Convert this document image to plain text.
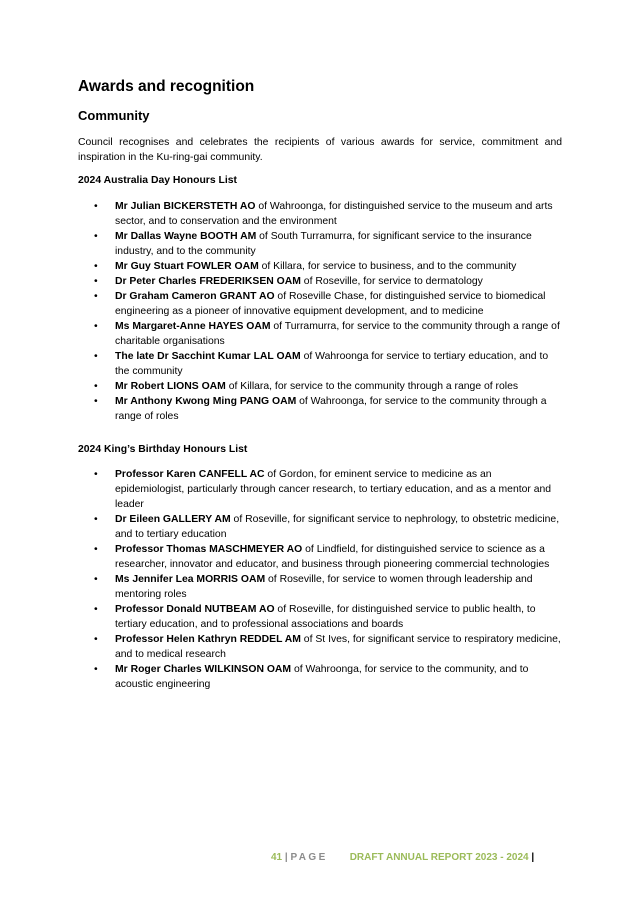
Awards and recognition
Community

Council recognises and celebrates the recipients of various awards for service, commitment and inspiration in the Ku-ring-gai community.

2024 Australia Day Honours List

• Mr Julian BICKERSTETH AO of Wahroonga, for distinguished service to the museum and arts sector, and to conservation and the environment
• Mr Dallas Wayne BOOTH AM of South Turramurra, for significant service to the insurance industry, and to the community
• Mr Guy Stuart FOWLER OAM of Killara, for service to business, and to the community
• Dr Peter Charles FREDERIKSEN OAM of Roseville, for service to dermatology
• Dr Graham Cameron GRANT AO of Roseville Chase, for distinguished service to biomedical engineering as a pioneer of innovative equipment development, and to medicine
• Ms Margaret-Anne HAYES OAM of Turramurra, for service to the community through a range of charitable organisations
• The late Dr Sacchint Kumar LAL OAM of Wahroonga for service to tertiary education, and to the community
• Mr Robert LIONS OAM of Killara, for service to the community through a range of roles
• Mr Anthony Kwong Ming PANG OAM of Wahroonga, for service to the community through a range of roles

2024 King’s Birthday Honours List

• Professor Karen CANFELL AC of Gordon, for eminent service to medicine as an epidemiologist, particularly through cancer research, to tertiary education, and as a mentor and leader
• Dr Eileen GALLERY AM of Roseville, for significant service to nephrology, to obstetric medicine, and to tertiary education
• Professor Thomas MASCHMEYER AO of Lindfield, for distinguished service to science as a researcher, innovator and educator, and business through pioneering commercial technologies
• Ms Jennifer Lea MORRIS OAM of Roseville, for service to women through leadership and mentoring roles
• Professor Donald NUTBEAM AO of Roseville, for distinguished service to public health, to tertiary education, and to professional associations and boards
• Professor Helen Kathryn REDDEL AM of St Ives, for significant service to respiratory medicine, and to medical research
• Mr Roger Charles WILKINSON OAM of Wahroonga, for service to the community, and to acoustic engineering
41 | PAGE DRAFT ANNUAL REPORT 2023 - 2024 |
